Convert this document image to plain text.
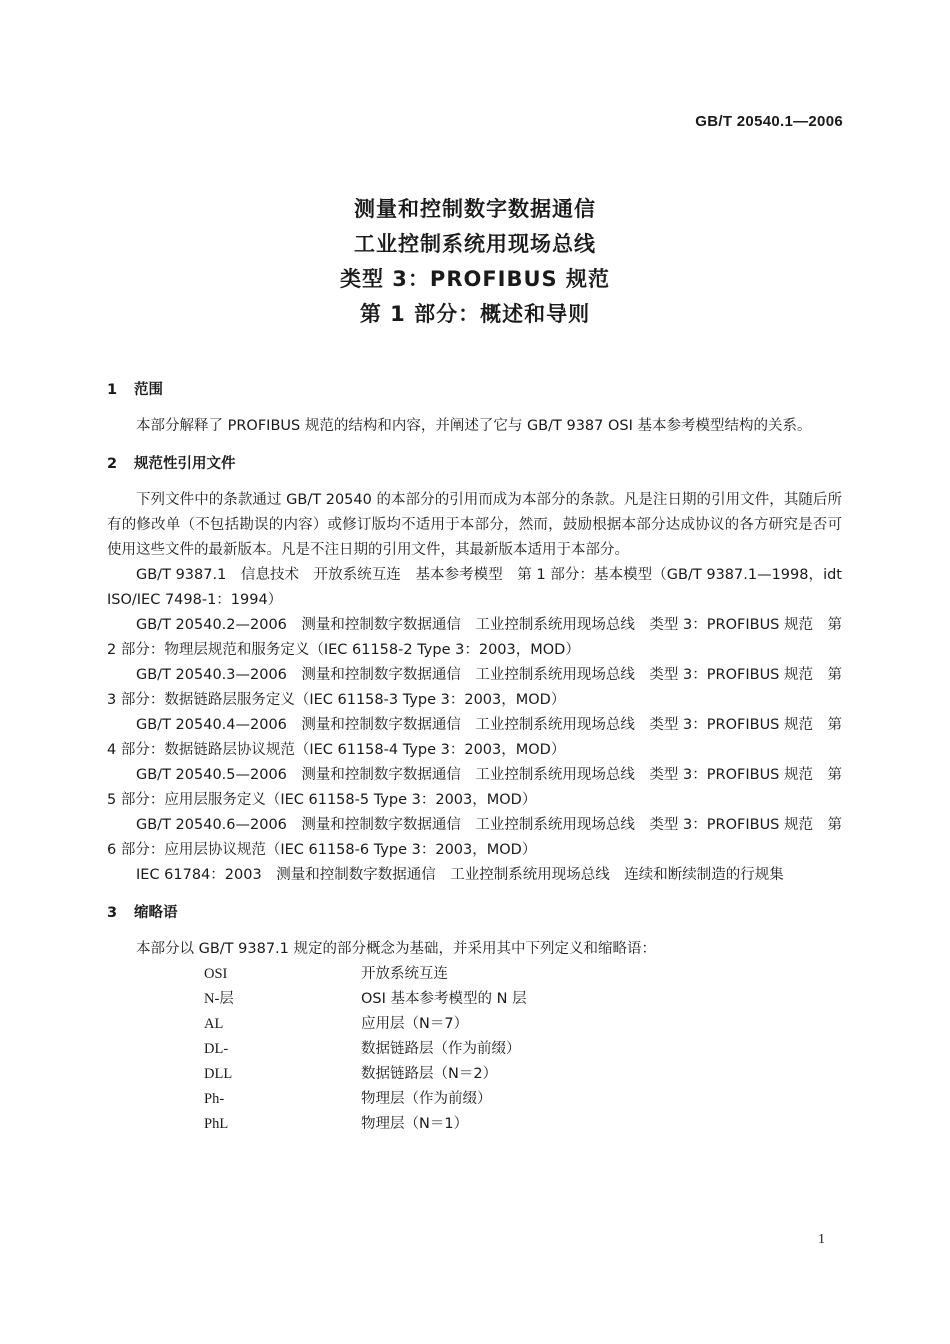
GB/T 20540.1—2006
测量和控制数字数据通信
工业控制系统用现场总线
类型 3：PROFIBUS 规范
第 1 部分：概述和导则

1 范围

本部分解释了 PROFIBUS 规范的结构和内容，并阐述了它与 GB/T 9387 OSI 基本参考模型结构的关系。

2 规范性引用文件

下列文件中的条款通过 GB/T 20540 的本部分的引用而成为本部分的条款。凡是注日期的引用文件，其随后所有的修改单（不包括勘误的内容）或修订版均不适用于本部分，然而，鼓励根据本部分达成协议的各方研究是否可使用这些文件的最新版本。凡是不注日期的引用文件，其最新版本适用于本部分。

GB/T 9387.1　信息技术　开放系统互连　基本参考模型　第 1 部分：基本模型（GB/T 9387.1—1998，idt ISO/IEC 7498-1：1994）

GB/T 20540.2—2006　测量和控制数字数据通信　工业控制系统用现场总线　类型 3：PROFIBUS 规范　第 2 部分：物理层规范和服务定义（IEC 61158-2 Type 3：2003，MOD）

GB/T 20540.3—2006　测量和控制数字数据通信　工业控制系统用现场总线　类型 3：PROFIBUS 规范　第 3 部分：数据链路层服务定义（IEC 61158-3 Type 3：2003，MOD）

GB/T 20540.4—2006　测量和控制数字数据通信　工业控制系统用现场总线　类型 3：PROFIBUS 规范　第 4 部分：数据链路层协议规范（IEC 61158-4 Type 3：2003，MOD）

GB/T 20540.5—2006　测量和控制数字数据通信　工业控制系统用现场总线　类型 3：PROFIBUS 规范　第 5 部分：应用层服务定义（IEC 61158-5 Type 3：2003，MOD）

GB/T 20540.6—2006　测量和控制数字数据通信　工业控制系统用现场总线　类型 3：PROFIBUS 规范　第 6 部分：应用层协议规范（IEC 61158-6 Type 3：2003，MOD）

IEC 61784：2003　测量和控制数字数据通信　工业控制系统用现场总线　连续和断续制造的行规集

3 缩略语

本部分以 GB/T 9387.1 规定的部分概念为基础，并采用其中下列定义和缩略语：

OSI	开放系统互连
N-层	OSI 基本参考模型的 N 层
AL	应用层（N＝7）
DL-	数据链路层（作为前缀）
DLL	数据链路层（N＝2）
Ph-	物理层（作为前缀）
PhL	物理层（N＝1）
1
